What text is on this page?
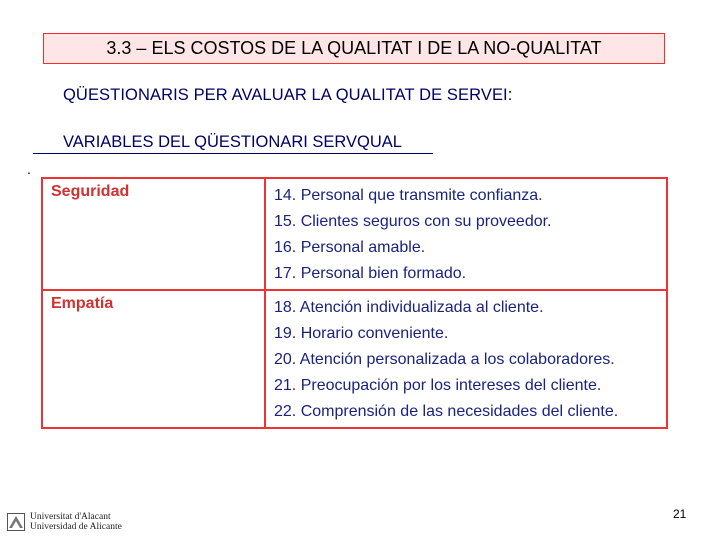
3.3 – ELS COSTOS DE LA QUALITAT I DE LA NO-QUALITAT
QÜESTIONARIS PER AVALUAR LA QUALITAT DE SERVEI:
VARIABLES DEL QÜESTIONARI SERVQUAL
.
Seguridad	14. Personal que transmite confianza.
15. Clientes seguros con su proveedor.
16. Personal amable.
17. Personal bien formado.

Empatía	18. Atención individualizada al cliente.
19. Horario conveniente.
20. Atención personalizada a los colaboradores.
21. Preocupación por los intereses del cliente.
22. Comprensión de las necesidades del cliente.
21
Universitat d'Alacant
Universidad de Alicante
